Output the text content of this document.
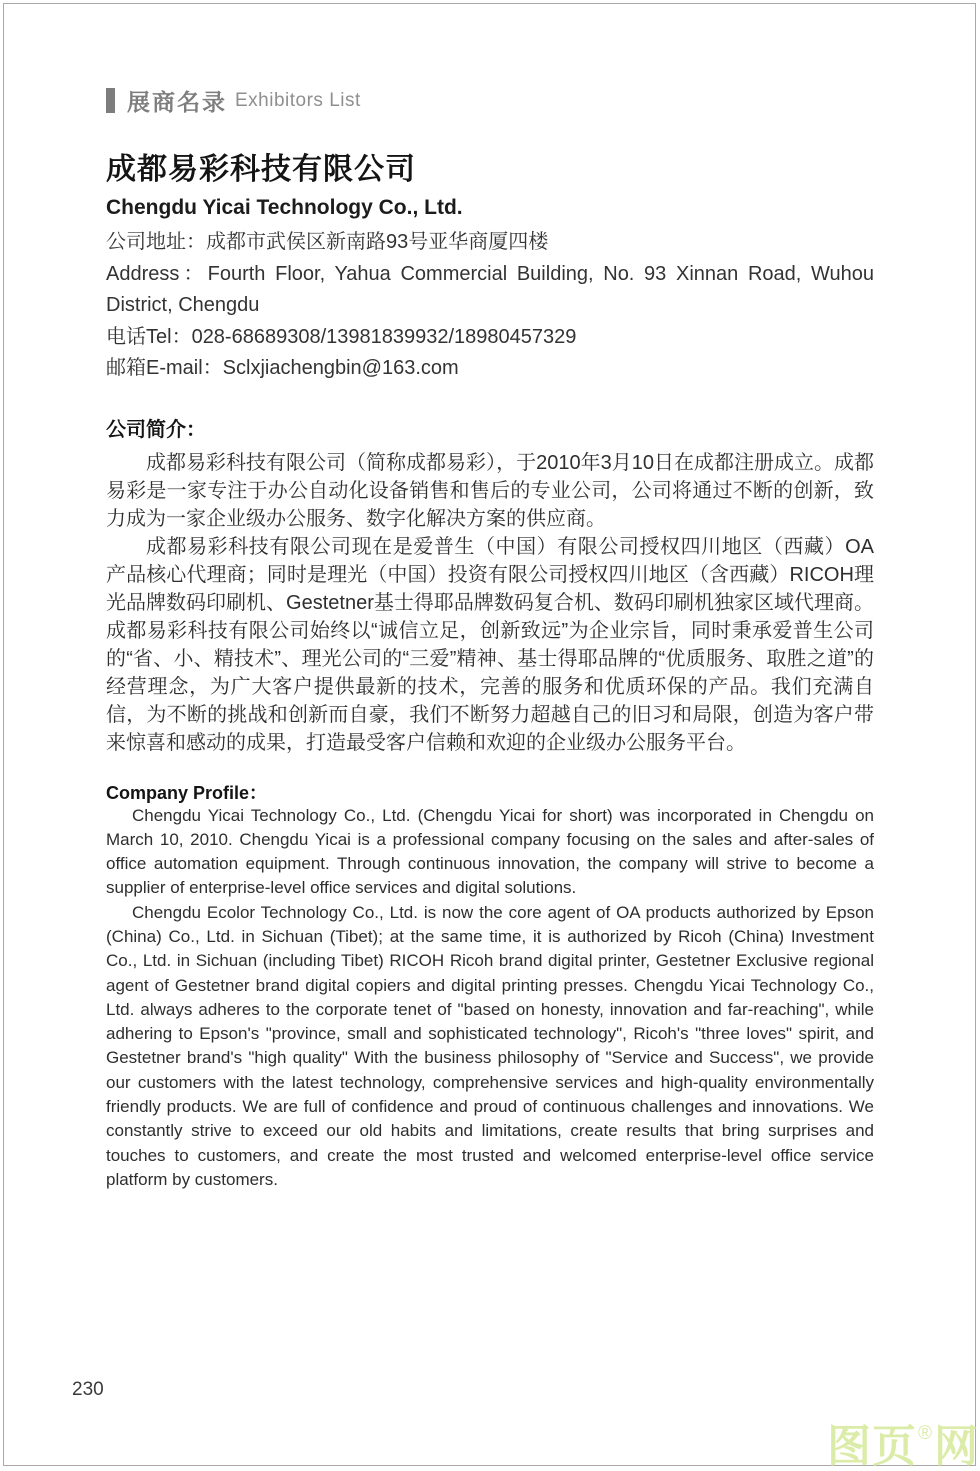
展商名录 Exhibitors List
成都易彩科技有限公司
Chengdu Yicai Technology Co., Ltd.

公司地址：成都市武侯区新南路93号亚华商厦四楼

Address：Fourth Floor, Yahua Commercial Building, No. 93 Xinnan Road, Wuhou District, Chengdu

电话Tel：028-68689308/13981839932/18980457329

邮箱E-mail：Sclxjiachengbin@163.com

公司简介：

成都易彩科技有限公司（简称成都易彩），于2010年3月10日在成都注册成立。成都易彩是一家专注于办公自动化设备销售和售后的专业公司，公司将通过不断的创新，致力成为一家企业级办公服务、数字化解决方案的供应商。

成都易彩科技有限公司现在是爱普生（中国）有限公司授权四川地区（西藏）OA产品核心代理商；同时是理光（中国）投资有限公司授权四川地区（含西藏）RICOH理光品牌数码印刷机、Gestetner基士得耶品牌数码复合机、数码印刷机独家区域代理商。成都易彩科技有限公司始终以“诚信立足，创新致远”为企业宗旨，同时秉承爱普生公司的“省、小、精技术”、理光公司的“三爱”精神、基士得耶品牌的“优质服务、取胜之道”的经营理念，为广大客户提供最新的技术，完善的服务和优质环保的产品。我们充满自信，为不断的挑战和创新而自豪，我们不断努力超越自己的旧习和局限，创造为客户带来惊喜和感动的成果，打造最受客户信赖和欢迎的企业级办公服务平台。

Company Profile：

Chengdu Yicai Technology Co., Ltd. (Chengdu Yicai for short) was incorporated in Chengdu on March 10, 2010. Chengdu Yicai is a professional company focusing on the sales and after-sales of office automation equipment. Through continuous innovation, the company will strive to become a supplier of enterprise-level office services and digital solutions.

Chengdu Ecolor Technology Co., Ltd. is now the core agent of OA products authorized by Epson (China) Co., Ltd. in Sichuan (Tibet); at the same time, it is authorized by Ricoh (China) Investment Co., Ltd. in Sichuan (including Tibet) RICOH Ricoh brand digital printer, Gestetner Exclusive regional agent of Gestetner brand digital copiers and digital printing presses. Chengdu Yicai Technology Co., Ltd. always adheres to the corporate tenet of "based on honesty, innovation and far-reaching", while adhering to Epson's "province, small and sophisticated technology", Ricoh's "three loves" spirit, and Gestetner brand's "high quality" With the business philosophy of "Service and Success", we provide our customers with the latest technology, comprehensive services and high-quality environmentally friendly products. We are full of confidence and proud of continuous challenges and innovations. We constantly strive to exceed our old habits and limitations, create results that bring surprises and touches to customers, and create the most trusted and welcomed enterprise-level office service platform by customers.

230
图页®网
